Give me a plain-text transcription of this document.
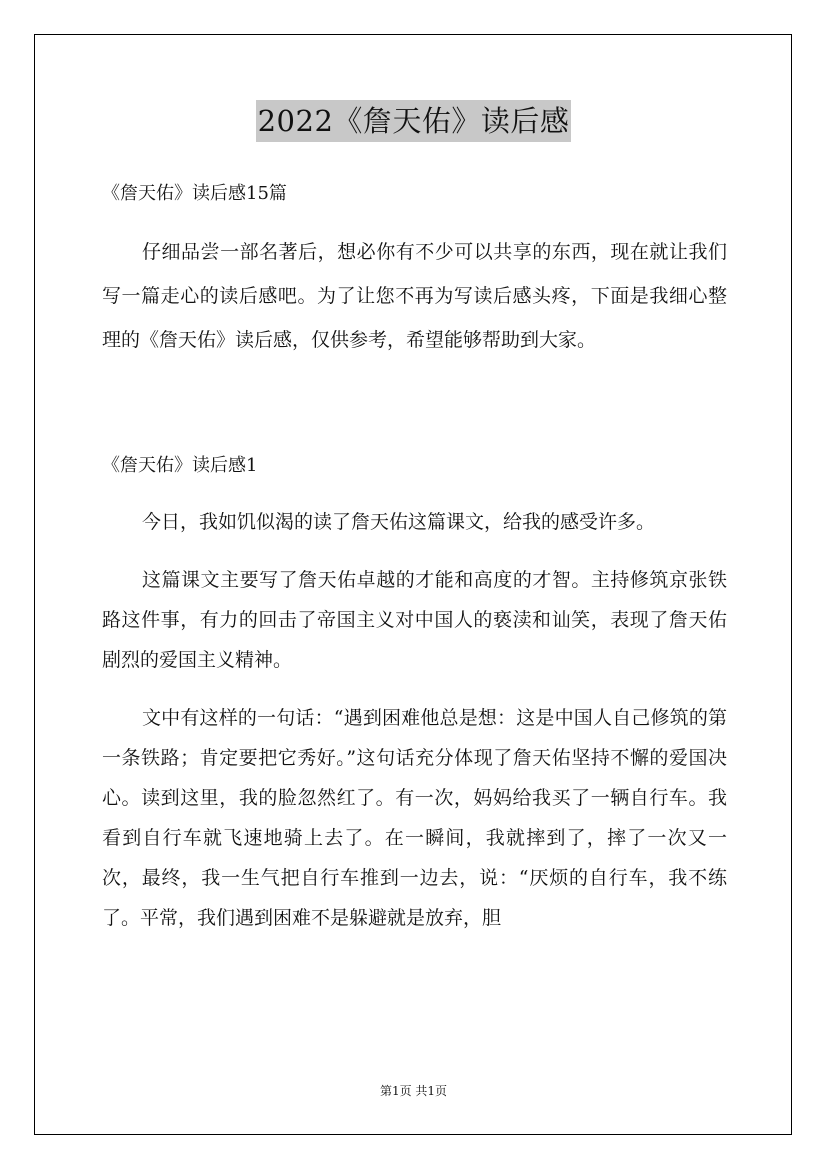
2022《詹天佑》读后感
《詹天佑》读后感15篇

仔细品尝一部名著后，想必你有不少可以共享的东西，现在就让我们写一篇走心的读后感吧。为了让您不再为写读后感头疼，下面是我细心整理的《詹天佑》读后感，仅供参考，希望能够帮助到大家。

《詹天佑》读后感1

今日，我如饥似渴的读了詹天佑这篇课文，给我的感受许多。

这篇课文主要写了詹天佑卓越的才能和高度的才智。主持修筑京张铁路这件事，有力的回击了帝国主义对中国人的亵渎和讪笑，表现了詹天佑剧烈的爱国主义精神。

文中有这样的一句话：“遇到困难他总是想：这是中国人自己修筑的第一条铁路；肯定要把它秀好。”这句话充分体现了詹天佑坚持不懈的爱国决心。读到这里，我的脸忽然红了。有一次，妈妈给我买了一辆自行车。我看到自行车就飞速地骑上去了。在一瞬间，我就摔到了，摔了一次又一次，最终，我一生气把自行车推到一边去，说：“厌烦的自行车，我不练了。平常，我们遇到困难不是躲避就是放弃，胆

第1页 共1页
